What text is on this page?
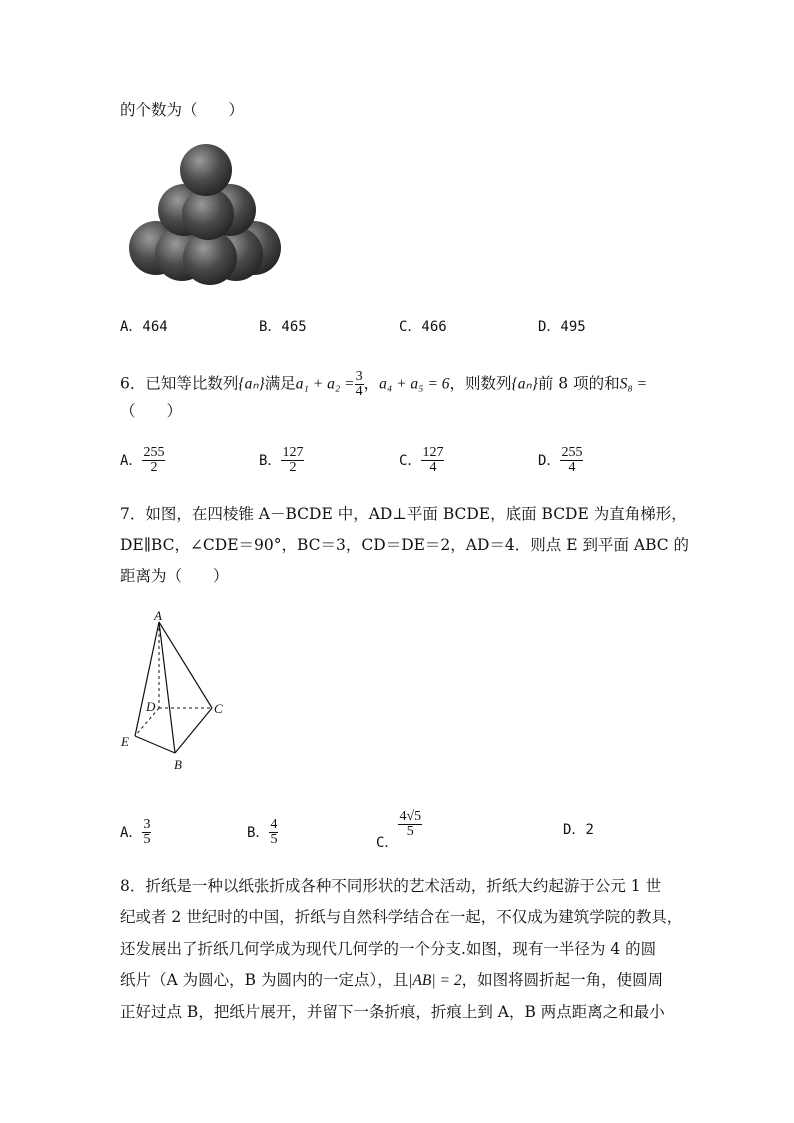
的个数为（　　）
A．464	B．465	C．466	D．495
6．已知等比数列{aₙ}满足$a_1 + a_2 = \frac{3}{4}$ ，a₄ + a₅ = 6，则数列{aₙ}前 8 项的和S₈ =
（　　）
A． $\frac{255}{2}$	B． $\frac{127}{2}$	C． $\frac{127}{4}$	D． $\frac{255}{4}$
7．如图，在四棱锥 A－BCDE 中，AD⊥平面 BCDE，底面 BCDE 为直角梯形，
DE∥BC，∠CDE＝90°，BC＝3，CD＝DE＝2，AD＝4．则点 E 到平面 ABC 的
距离为（　　）
A
D	C
E
B
A． $\frac{3}{5}$	B． $\frac{4}{5}$	C．
$\frac{4√5}{5}$	D．2
8．折纸是一种以纸张折成各种不同形状的艺术活动，折纸大约起游于公元 1 世
纪或者 2 世纪时的中国，折纸与自然科学结合在一起，不仅成为建筑学院的教具，
还发展出了折纸几何学成为现代几何学的一个分支.如图，现有一半径为 4 的圆
纸片（A 为圆心，B 为圆内的一定点），且|AB| = 2，如图将圆折起一角，使圆周
正好过点 B，把纸片展开，并留下一条折痕，折痕上到 A，B 两点距离之和最小
